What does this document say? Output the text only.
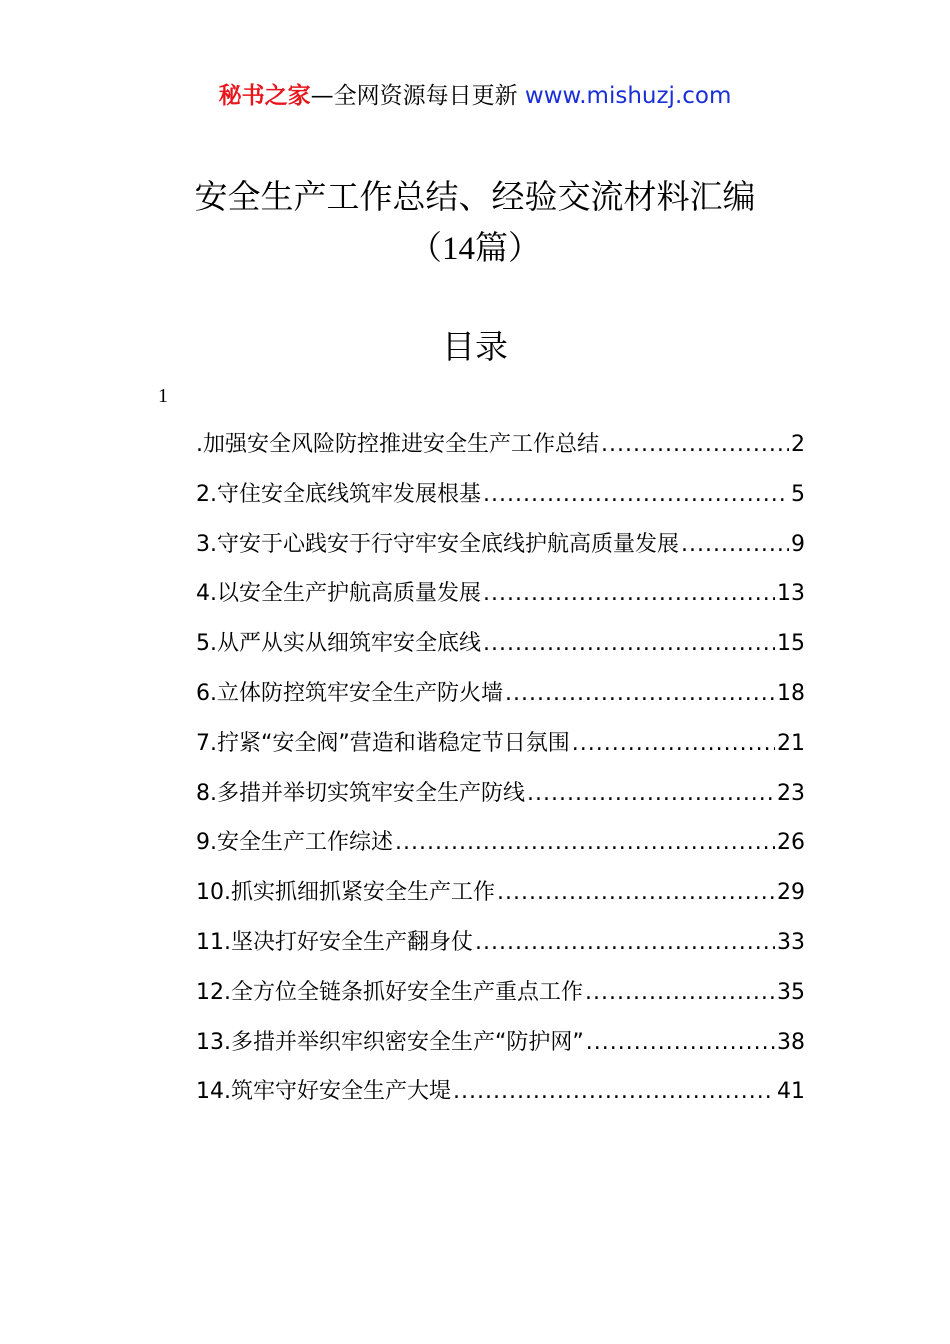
秘书之家—全网资源每日更新 www.mishuzj.com
安全生产工作总结、经验交流材料汇编
（14篇）
目录
1
.加强安全风险防控推进安全生产工作总结 .....	2
2.守住安全底线筑牢发展根基 .....	5
3.守安于心践安于行守牢安全底线护航高质量发展 .....	9
4.以安全生产护航高质量发展 .....	13
5.从严从实从细筑牢安全底线 .....	15
6.立体防控筑牢安全生产防火墙 .....	18
7.拧紧“安全阀”营造和谐稳定节日氛围 .....	21
8.多措并举切实筑牢安全生产防线 .....	23
9.安全生产工作综述 .....	26
10.抓实抓细抓紧安全生产工作 .....	29
11.坚决打好安全生产翻身仗 .....	33
12.全方位全链条抓好安全生产重点工作 .....	35
13.多措并举织牢织密安全生产“防护网” .....	38
14.筑牢守好安全生产大堤 .....	41
